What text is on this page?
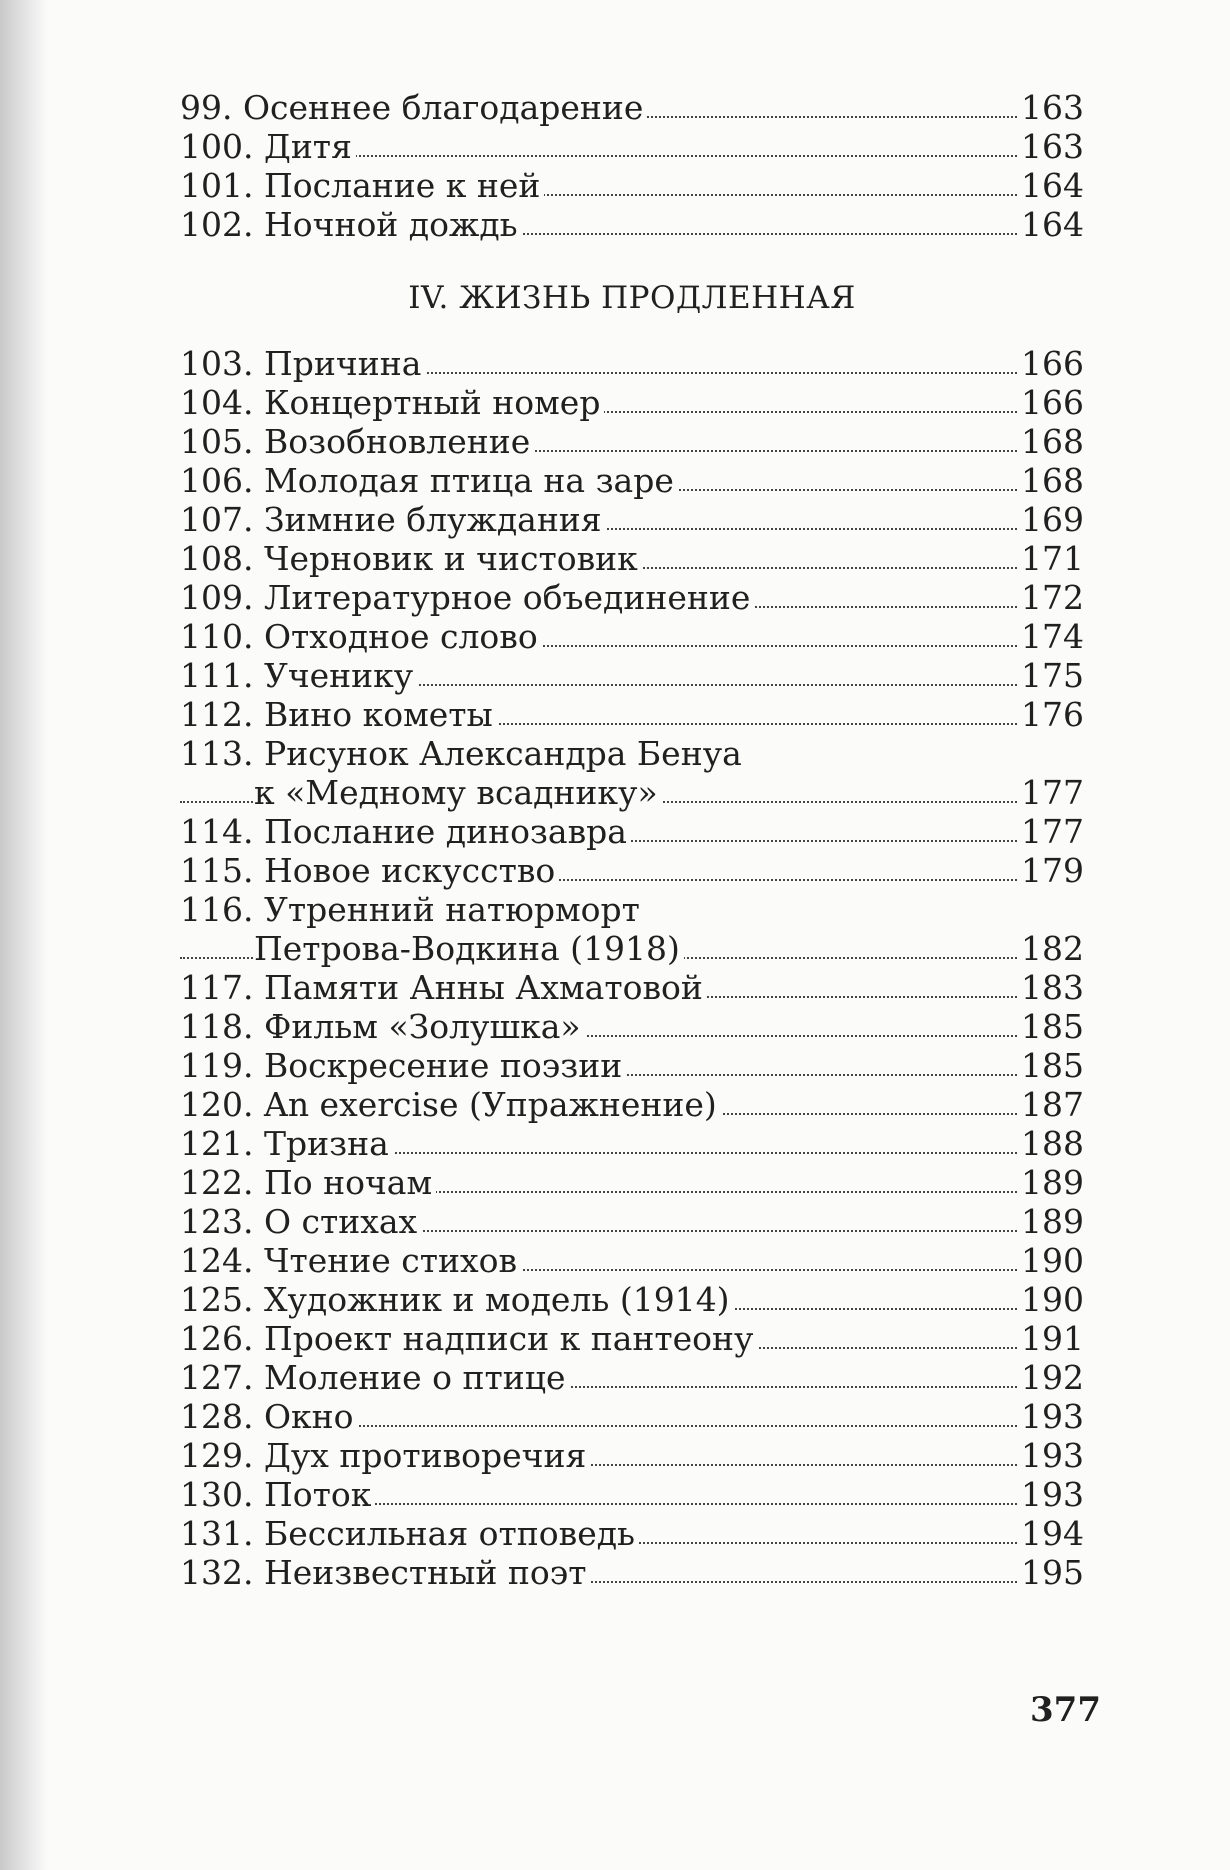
99. Осеннее благодарение	163
100. Дитя	163
101. Послание к ней	164
102. Ночной дождь	164
IV. ЖИЗНЬ ПРОДЛЕННАЯ
103. Причина	166
104. Концертный номер	166
105. Возобновление	168
106. Молодая птица на заре	168
107. Зимние блуждания	169
108. Черновик и чистовик	171
109. Литературное объединение	172
110. Отходное слово	174
111. Ученику	175
112. Вино кометы	176
113. Рисунок Александра Бенуа
к «Медному всаднику»	177
114. Послание динозавра	177
115. Новое искусство	179
116. Утренний натюрморт
Петрова-Водкина (1918)	182
117. Памяти Анны Ахматовой	183
118. Фильм «Золушка»	185
119. Воскресение поэзии	185
120. An exercise (Упражнение)	187
121. Тризна	188
122. По ночам	189
123. О стихах	189
124. Чтение стихов	190
125. Художник и модель (1914)	190
126. Проект надписи к пантеону	191
127. Моление о птице	192
128. Окно	193
129. Дух противоречия	193
130. Поток	193
131. Бессильная отповедь	194
132. Неизвестный поэт	195
377
